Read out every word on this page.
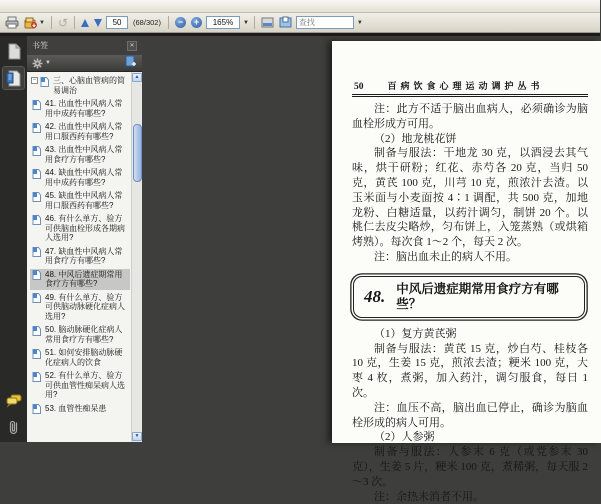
▼ ↺
50	(68/302)	−	+
165%	▼
查找	▼
书签	✕
▼
− 三、心脑血管病的简易调治
41. 出血性中风病人常用中成药有哪些?
42. 出血性中风病人常用口服西药有哪些?
43. 出血性中风病人常用食疗方有哪些?
44. 缺血性中风病人常用中成药有哪些?
45. 缺血性中风病人常用口服西药有哪些?
46. 有什么单方、验方可供脑血栓形成各期病人选用?
47. 缺血性中风病人常用食疗方有哪些?
48. 中风后遗症期常用食疗方有哪些?
49. 有什么单方、验方可供脑动脉硬化症病人选用?
50. 脑动脉硬化症病人常用食疗方有哪些?
51. 如何安排脑动脉硬化症病人的饮食
52. 有什么单方、验方可供血管性痴呆病人选用?
53. 血管性痴呆患
▲
▼
50	百病饮食心理运动调护丛书
注：此方不适于脑出血病人，必须确诊为脑血栓形成方可用。
（2）地龙桃花饼
制备与服法：干地龙 30 克，以酒浸去其气味，烘干研粉；红花、赤芍各 20 克，当归 50 克，黄芪 100 克，川芎 10 克，煎浓汁去渣。以玉米面与小麦面按 4∶1 调配，共 500 克，加地龙粉、白糖适量，以药汁调匀，制饼 20 个。以桃仁去皮尖略炒，匀布饼上，入笼蒸熟（或烘箱烤熟）。每次食 1～2 个，每天 2 次。
注：脑出血未止的病人不用。
48. 中风后遗症期常用食疗方有哪些？
（1）复方黄芪粥
制备与服法：黄芪 15 克，炒白芍、桂枝各 10 克，生姜 15 克，煎浓去渣；粳米 100 克，大枣 4 枚，煮粥，加入药汁，调匀服食，每日 1 次。
注：血压不高，脑出血已停止，确诊为脑血栓形成的病人可用。
（2）人参粥
制备与服法：人参末 6 克（或党参末 30 克），生姜 5 片，粳米 100 克，煮稀粥，每天服 2～3 次。
注：余热未消者不用。
